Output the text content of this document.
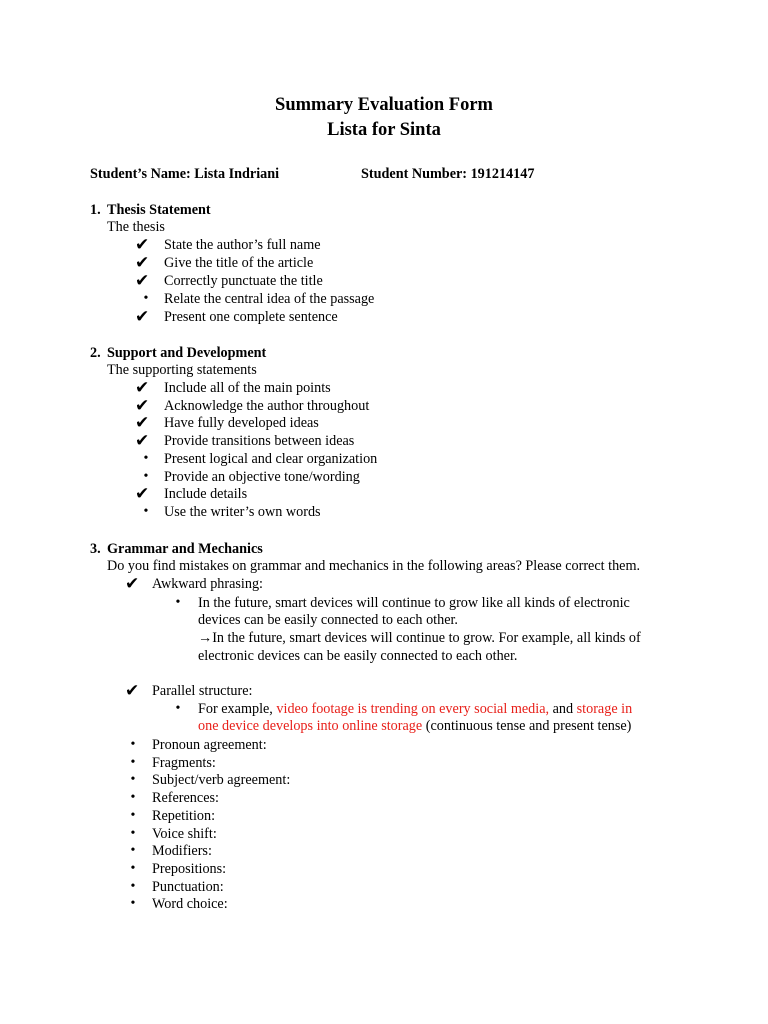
Summary Evaluation Form
Lista for Sinta
Student’s Name: Lista Indriani	Student Number: 191214147
1. Thesis Statement
The thesis
✔	State the author’s full name
✔	Give the title of the article
✔	Correctly punctuate the title
•	Relate the central idea of the passage
✔	Present one complete sentence
2. Support and Development
The supporting statements
✔	Include all of the main points
✔	Acknowledge the author throughout
✔	Have fully developed ideas
✔	Provide transitions between ideas
•	Present logical and clear organization
•	Provide an objective tone/wording
✔	Include details
•	Use the writer’s own words
3. Grammar and Mechanics
Do you find mistakes on grammar and mechanics in the following areas? Please correct them.
✔ Awkward phrasing:
•	In the future, smart devices will continue to grow like all kinds of electronic
devices can be easily connected to each other.
→In the future, smart devices will continue to grow. For example, all kinds of
electronic devices can be easily connected to each other.
✔ Parallel structure:
•	For example, video footage is trending on every social media, and storage in
one device develops into online storage (continuous tense and present tense)
•	Pronoun agreement:
•	Fragments:
•	Subject/verb agreement:
•	References:
•	Repetition:
•	Voice shift:
•	Modifiers:
•	Prepositions:
•	Punctuation:
•	Word choice:
